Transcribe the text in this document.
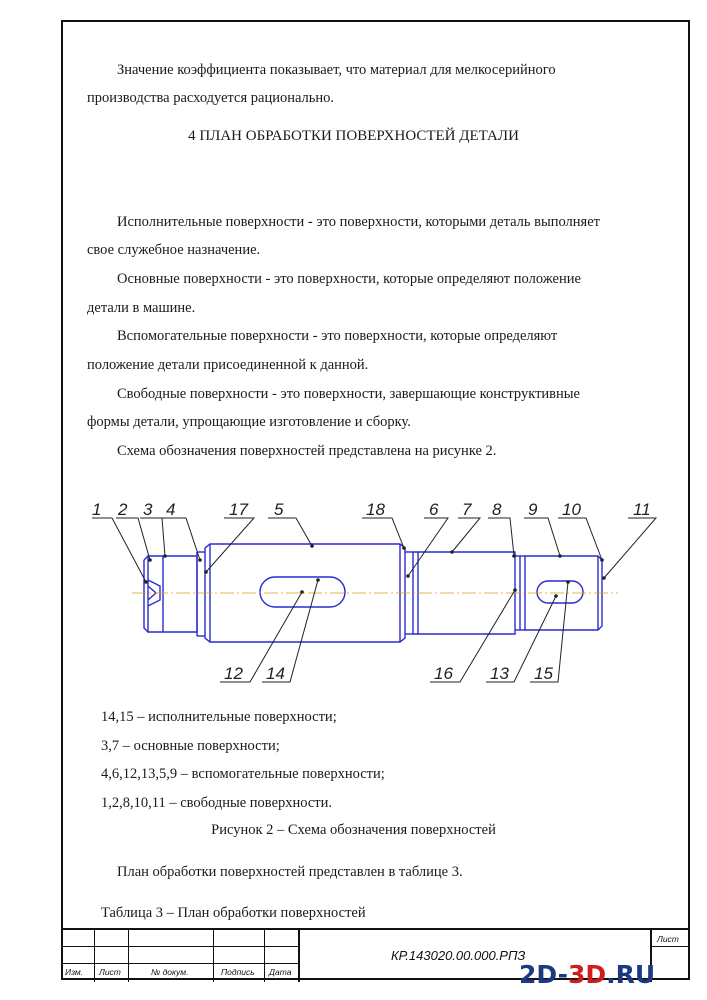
Значение коэффициента показывает, что материал для мелкосерийного
производства расходуется рационально.
4 ПЛАН ОБРАБОТКИ ПОВЕРХНОСТЕЙ ДЕТАЛИ
Исполнительные поверхности - это поверхности, которыми деталь выполняет
свое служебное назначение.
Основные поверхности - это поверхности, которые определяют положение
детали в машине.
Вспомогательные поверхности - это поверхности, которые определяют
положение детали присоединенной к данной.
Свободные поверхности - это поверхности, завершающие конструктивные
формы детали, упрощающие изготовление и сборку.
Схема обозначения поверхностей представлена на рисунке 2.
1 2 3 4	17 5	18	6 7 8 9 10	11
12 14	16 13 15
14,15 – исполнительные поверхности;
3,7 – основные поверхности;
4,6,12,13,5,9 – вспомогательные поверхности;
1,2,8,10,11 – свободные поверхности.
Рисунок 2 – Схема обозначения поверхностей
План обработки поверхностей представлен в таблице 3.
Таблица 3 – План обработки поверхностей
Изм. Лист	№ докум.	Подпись Дата
Лист
КР.143020.00.000.РПЗ
2D-3D.RU
